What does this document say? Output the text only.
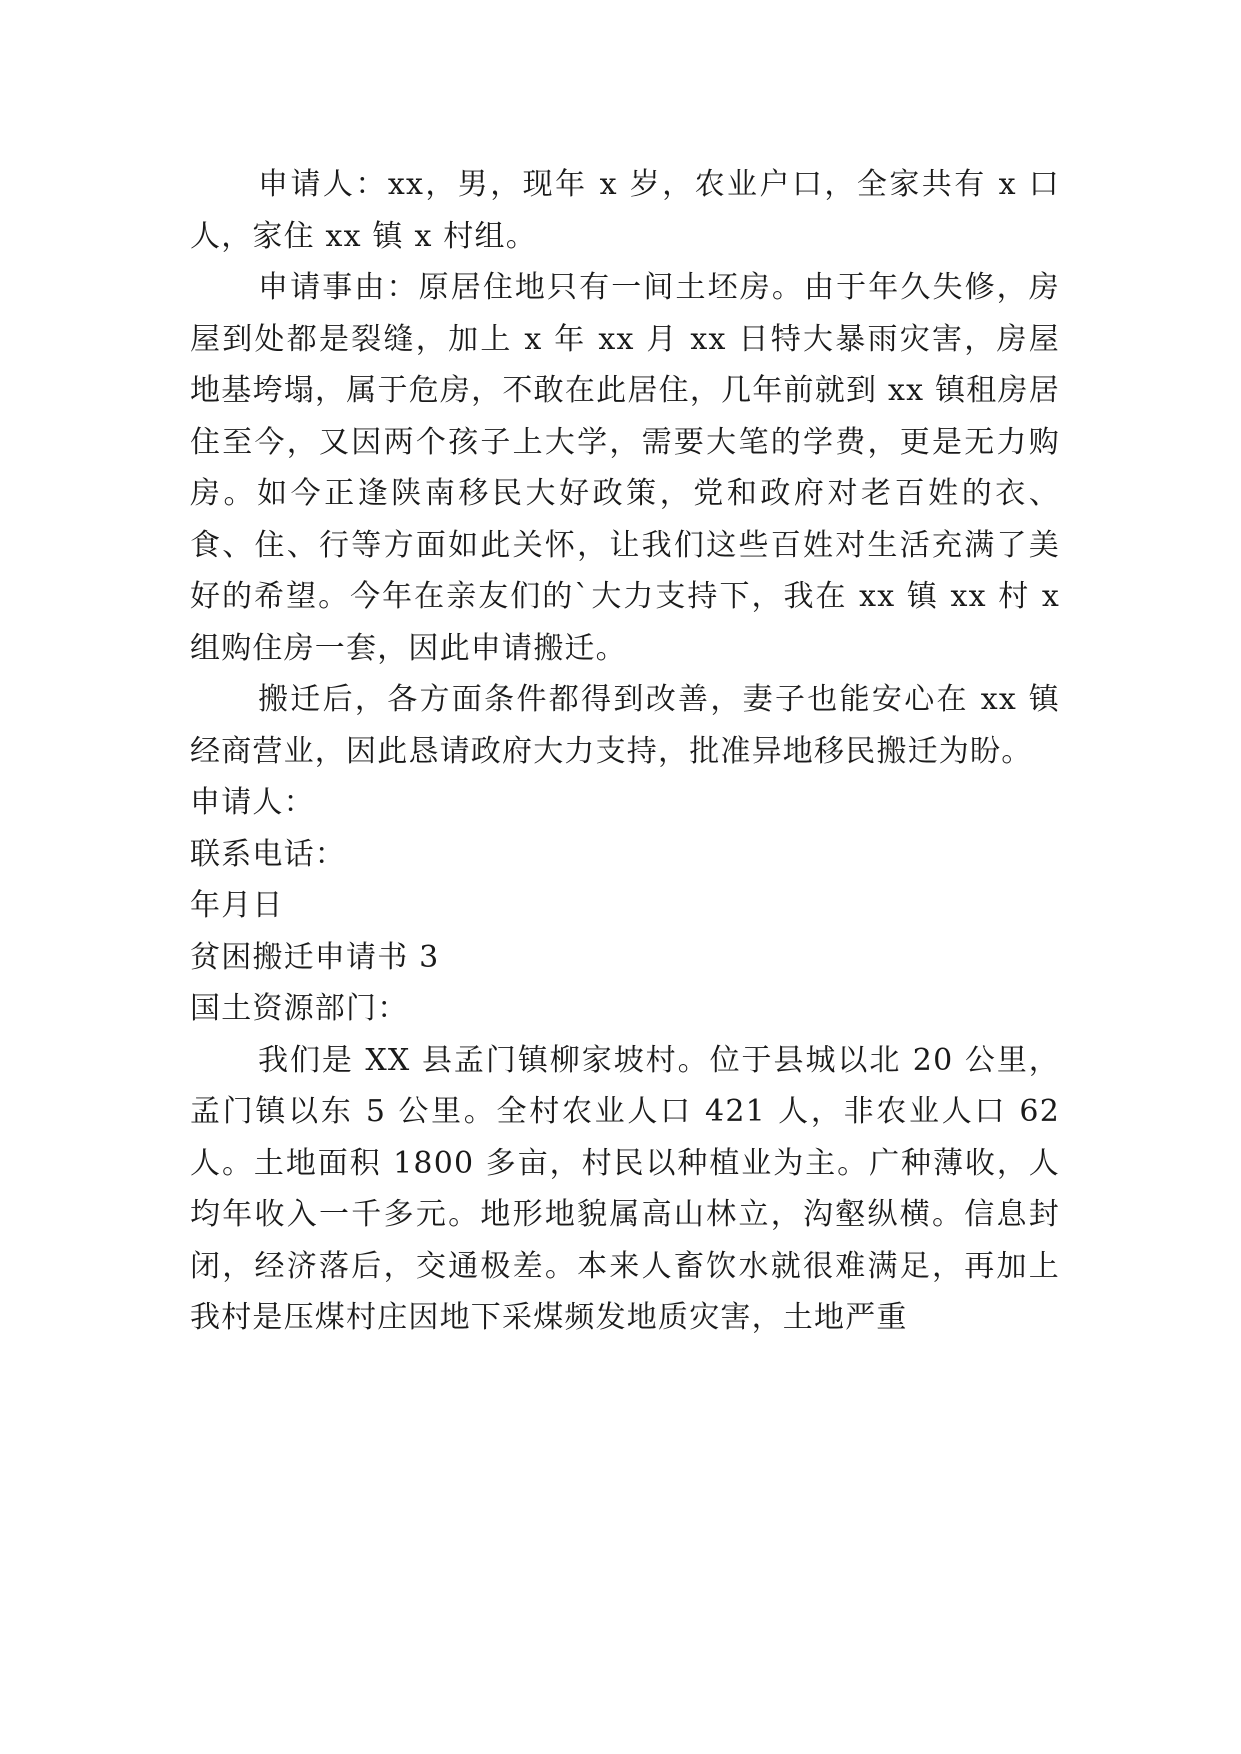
申请人：xx，男，现年 x 岁，农业户口，全家共有 x 口人，家住 xx 镇 x 村组。

申请事由：原居住地只有一间土坯房。由于年久失修，房屋到处都是裂缝，加上 x 年 xx 月 xx 日特大暴雨灾害，房屋地基垮塌，属于危房，不敢在此居住，几年前就到 xx 镇租房居住至今，又因两个孩子上大学，需要大笔的学费，更是无力购房。如今正逢陕南移民大好政策，党和政府对老百姓的衣、食、住、行等方面如此关怀，让我们这些百姓对生活充满了美好的希望。今年在亲友们的`大力支持下，我在 xx 镇 xx 村 x 组购住房一套，因此申请搬迁。

搬迁后，各方面条件都得到改善，妻子也能安心在 xx 镇经商营业，因此恳请政府大力支持，批准异地移民搬迁为盼。

申请人：

联系电话：

年月日

贫困搬迁申请书 3

国土资源部门：

我们是 XX 县孟门镇柳家坡村。位于县城以北 20 公里，孟门镇以东 5 公里。全村农业人口 421 人，非农业人口 62 人。土地面积 1800 多亩，村民以种植业为主。广种薄收，人均年收入一千多元。地形地貌属高山林立，沟壑纵横。信息封闭，经济落后，交通极差。本来人畜饮水就很难满足，再加上我村是压煤村庄因地下采煤频发地质灾害，土地严重
